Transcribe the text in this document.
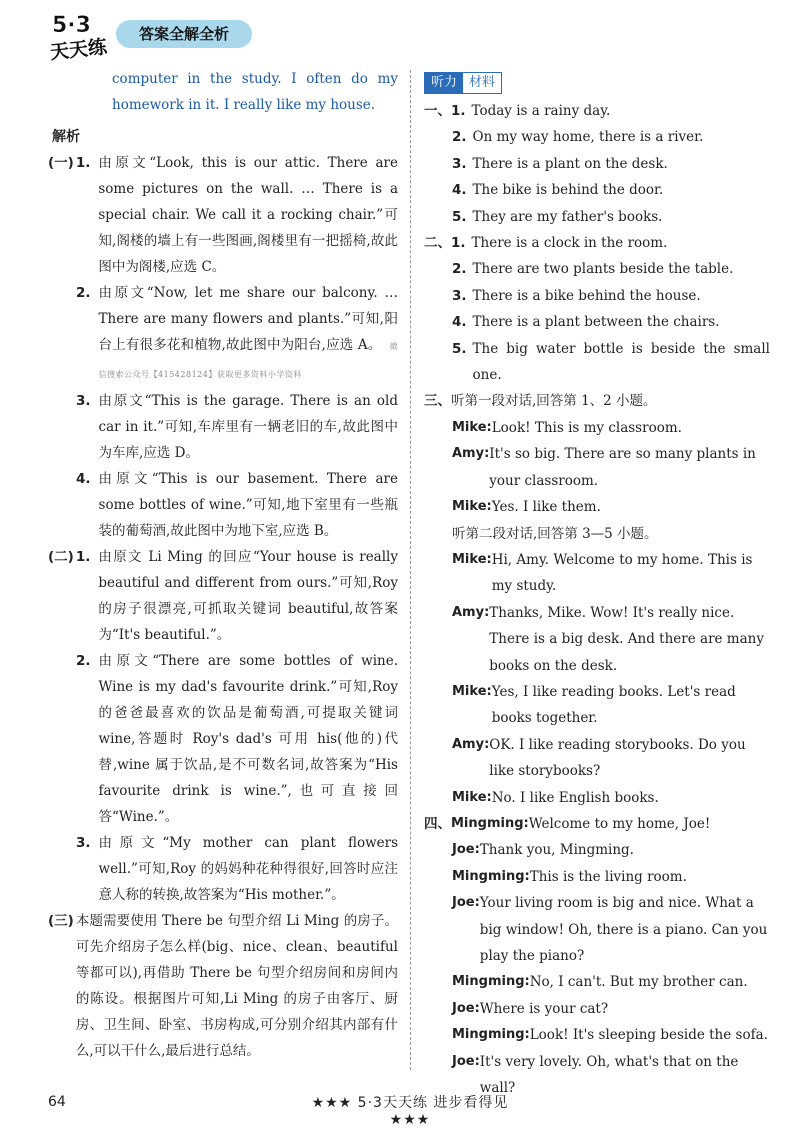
5·3
天天练
答案全解全析
computer in the study. I often do my homework in it. I really like my house.
解析
(一) 1. 由原文“Look, this is our attic. There are some pictures on the wall. … There is a special chair. We call it a rocking chair.”可知,阁楼的墙上有一些图画,阁楼里有一把摇椅,故此图中为阁楼,应选 C。
2. 由原文“Now, let me share our balcony. … There are many flowers and plants.”可知,阳台上有很多花和植物,故此图中为阳台,应选 A。 微信搜索公众号【4154281​24】获取更多资料小学资料
3. 由原文“This is the garage. There is an old car in it.”可知,车库里有一辆老旧的车,故此图中为车库,应选 D。
4. 由原文“This is our basement. There are some bottles of wine.”可知,地下室里有一些瓶装的葡萄酒,故此图中为地下室,应选 B。
(二) 1. 由原文 Li Ming 的回应“Your house is really beautiful and different from ours.”可知,Roy 的房子很漂亮,可抓取关键词 beautiful,故答案为“It's beautiful.”。
2. 由原文“There are some bottles of wine. Wine is my dad's favourite drink.”可知,Roy 的爸爸最喜欢的饮品是葡萄酒,可提取关键词 wine,答题时 Roy's dad's 可用 his(他的)代替,wine 属于饮品,是不可数名词,故答案为“His favourite drink is wine.”,也可直接回答“Wine.”。
3. 由原文“My mother can plant flowers well.”可知,Roy 的妈妈种花种得很好,回答时应注意人称的转换,故答案为“His mother.”。
(三) 本题需要使用 There be 句型介绍 Li Ming 的房子。可先介绍房子怎么样(big、nice、clean、beautiful 等都可以),再借助 There be 句型介绍房间和房间内的陈设。根据图片可知,Li Ming 的房子由客厅、厨房、卫生间、卧室、书房构成,可分别介绍其内部有什么,可以干什么,最后进行总结。
听力 材料
一、 1. Today is a rainy day.
2. On my way home, there is a river.
3. There is a plant on the desk.
4. The bike is behind the door.
5. They are my father's books.
二、 1. There is a clock in the room.
2. There are two plants beside the table.
3. There is a bike behind the house.
4. There is a plant between the chairs.
5. The big water bottle is beside the small one.
三、 听第一段对话,回答第 1、2 小题。
Mike: Look! This is my classroom.
Amy: It's so big. There are so many plants in your classroom.
Mike: Yes. I like them.
听第二段对话,回答第 3—5 小题。
Mike: Hi, Amy. Welcome to my home. This is my study.
Amy: Thanks, Mike. Wow! It's really nice. There is a big desk. And there are many books on the desk.
Mike: Yes, I like reading books. Let's read books together.
Amy: OK. I like reading storybooks. Do you like storybooks?
Mike: No. I like English books.
四、 Mingming: Welcome to my home, Joe!
Joe: Thank you, Mingming.
Mingming: This is the living room.
Joe: Your living room is big and nice. What a big window! Oh, there is a piano. Can you play the piano?
Mingming: No, I can't. But my brother can.
Joe: Where is your cat?
Mingming: Look! It's sleeping beside the sofa.
Joe: It's very lovely. Oh, what's that on the wall?
64	★★★ 5·3天天练 进步看得见 ★★★
